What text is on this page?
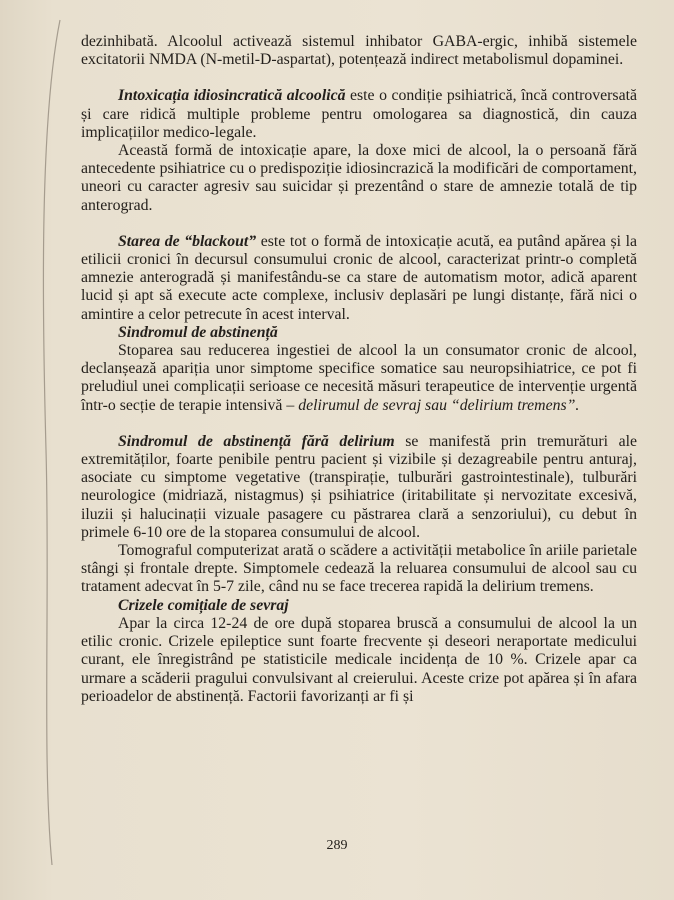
dezinhibată. Alcoolul activează sistemul inhibator GABA-ergic, inhibă sistemele excitatorii NMDA (N-metil-D-aspartat), potențează indirect metabolismul dopaminei.

Intoxicația idiosincratică alcoolică este o condiție psihiatrică, încă controversată și care ridică multiple probleme pentru omologarea sa diagnostică, din cauza implicațiilor medico-legale.

Această formă de intoxicație apare, la doxe mici de alcool, la o persoană fără antecedente psihiatrice cu o predispoziție idiosincrazică la modificări de comportament, uneori cu caracter agresiv sau suicidar și prezentând o stare de amnezie totală de tip anterograd.

Starea de “blackout” este tot o formă de intoxicație acută, ea putând apărea și la etilicii cronici în decursul consumului cronic de alcool, caracterizat printr-o completă amnezie anterogradă și manifestându-se ca stare de automatism motor, adică aparent lucid și apt să execute acte complexe, inclusiv deplasări pe lungi distanțe, fără nici o amintire a celor petrecute în acest interval.

Sindromul de abstinență

Stoparea sau reducerea ingestiei de alcool la un consumator cronic de alcool, declanșează apariția unor simptome specifice somatice sau neuropsihiatrice, ce pot fi preludiul unei complicații serioase ce necesită măsuri terapeutice de intervenție urgentă într-o secție de terapie intensivă – delirumul de sevraj sau “delirium tremens”.

Sindromul de abstinență fără delirium se manifestă prin tremurături ale extremităților, foarte penibile pentru pacient și vizibile și dezagreabile pentru anturaj, asociate cu simptome vegetative (transpirație, tulburări gastrointestinale), tulburări neurologice (midriază, nistagmus) și psihiatrice (iritabilitate și nervozitate excesivă, iluzii și halucinații vizuale pasagere cu păstrarea clară a senzoriului), cu debut în primele 6-10 ore de la stoparea consumului de alcool.

Tomograful computerizat arată o scădere a activității metabolice în ariile parietale stângi și frontale drepte. Simptomele cedează la reluarea consumului de alcool sau cu tratament adecvat în 5-7 zile, când nu se face trecerea rapidă la delirium tremens.

Crizele comițiale de sevraj

Apar la circa 12-24 de ore după stoparea bruscă a consumului de alcool la un etilic cronic. Crizele epileptice sunt foarte frecvente și deseori neraportate medicului curant, ele înregistrând pe statisticile medicale incidența de 10 %. Crizele apar ca urmare a scăderii pragului convulsivant al creierului. Aceste crize pot apărea și în afara perioadelor de abstinență. Factorii favorizanți ar fi și

289
